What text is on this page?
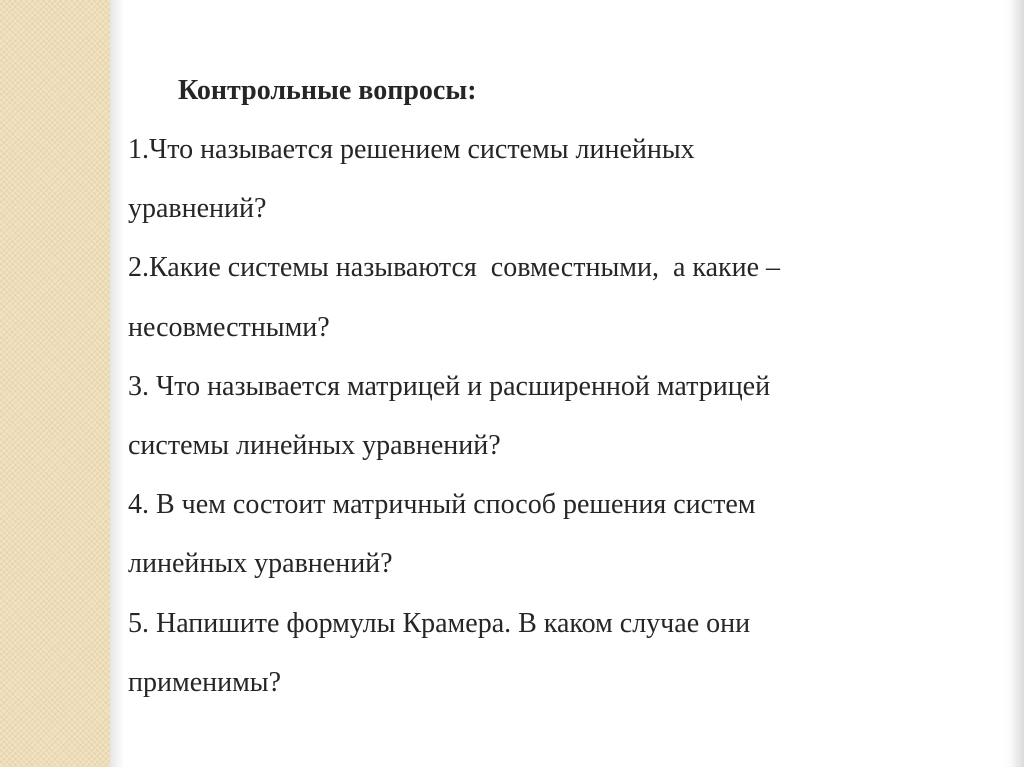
Контрольные вопросы:
1.Что называется решением системы линейных
уравнений?
2.Какие системы называются  совместными,  а какие –
несовместными?
3. Что называется матрицей и расширенной матрицей
системы линейных уравнений?
4. В чем состоит матричный способ решения систем
линейных уравнений?
5. Напишите формулы Крамера. В каком случае они
применимы?
